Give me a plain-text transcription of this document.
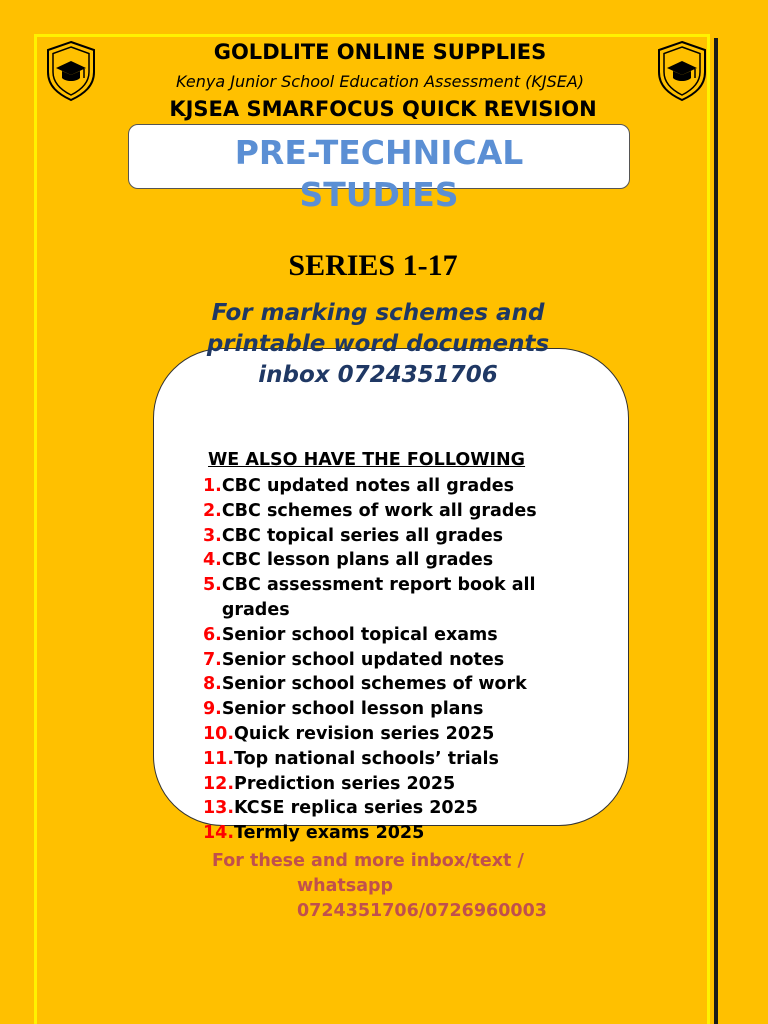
GOLDLITE ONLINE SUPPLIES
Kenya Junior School Education Assessment (KJSEA)
KJSEA SMARFOCUS QUICK REVISION
PRE-TECHNICAL
STUDIES
SERIES 1-17
For marking schemes and
printable word documents
inbox 0724351706
WE ALSO HAVE THE FOLLOWING
1. CBC updated notes all grades
2. CBC schemes of work all grades
3. CBC topical series all grades
4. CBC lesson plans all grades
5. CBC assessment report book all grades
6. Senior school topical exams
7. Senior school updated notes
8. Senior school schemes of work
9. Senior school lesson plans
10. Quick revision series 2025
11. Top national schools’ trials
12. Prediction series 2025
13. KCSE replica series 2025
14. Termly exams 2025
For these and more inbox/text /
whatsapp
0724351706/0726960003
